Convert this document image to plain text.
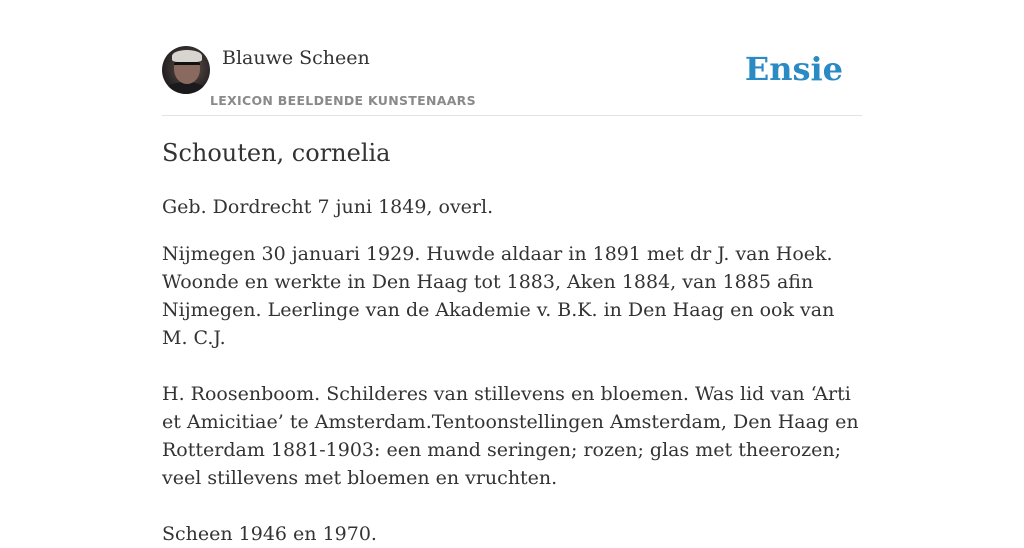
Blauwe Scheen
LEXICON BEELDENDE KUNSTENAARS
Ensie
Schouten, cornelia

Geb. Dordrecht 7 juni 1849, overl.

Nijmegen 30 januari 1929. Huwde aldaar in 1891 met dr J. van Hoek. Woonde en werkte in Den Haag tot 1883, Aken 1884, van 1885 afin Nijmegen. Leerlinge van de Akademie v. B.K. in Den Haag en ook van M. C.J.

H. Roosenboom. Schilderes van stillevens en bloemen. Was lid van ‘Arti et Amicitiae’ te Amsterdam.Tentoonstellingen Amsterdam, Den Haag en Rotterdam 1881-1903: een mand seringen; rozen; glas met theerozen; veel stillevens met bloemen en vruchten.

Scheen 1946 en 1970.
